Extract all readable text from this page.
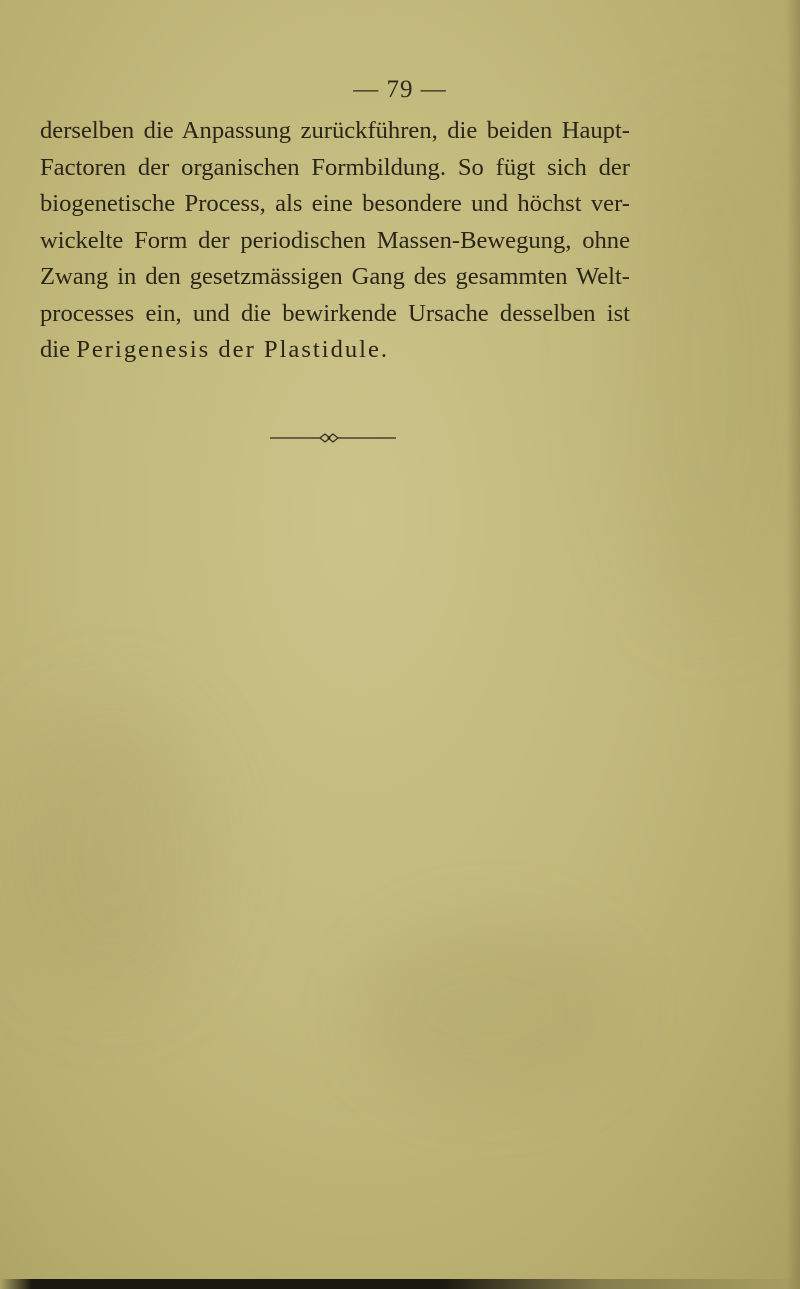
— 79 —

derselben die Anpassung zurückführen, die beiden Haupt-
Factoren der organischen Formbildung. So fügt sich der
biogenetische Process, als eine besondere und höchst ver-
wickelte Form der periodischen Massen-Bewegung, ohne
Zwang in den gesetzmässigen Gang des gesammten Welt-
processes ein, und die bewirkende Ursache desselben ist
die Perigenesis der Plastidule.
